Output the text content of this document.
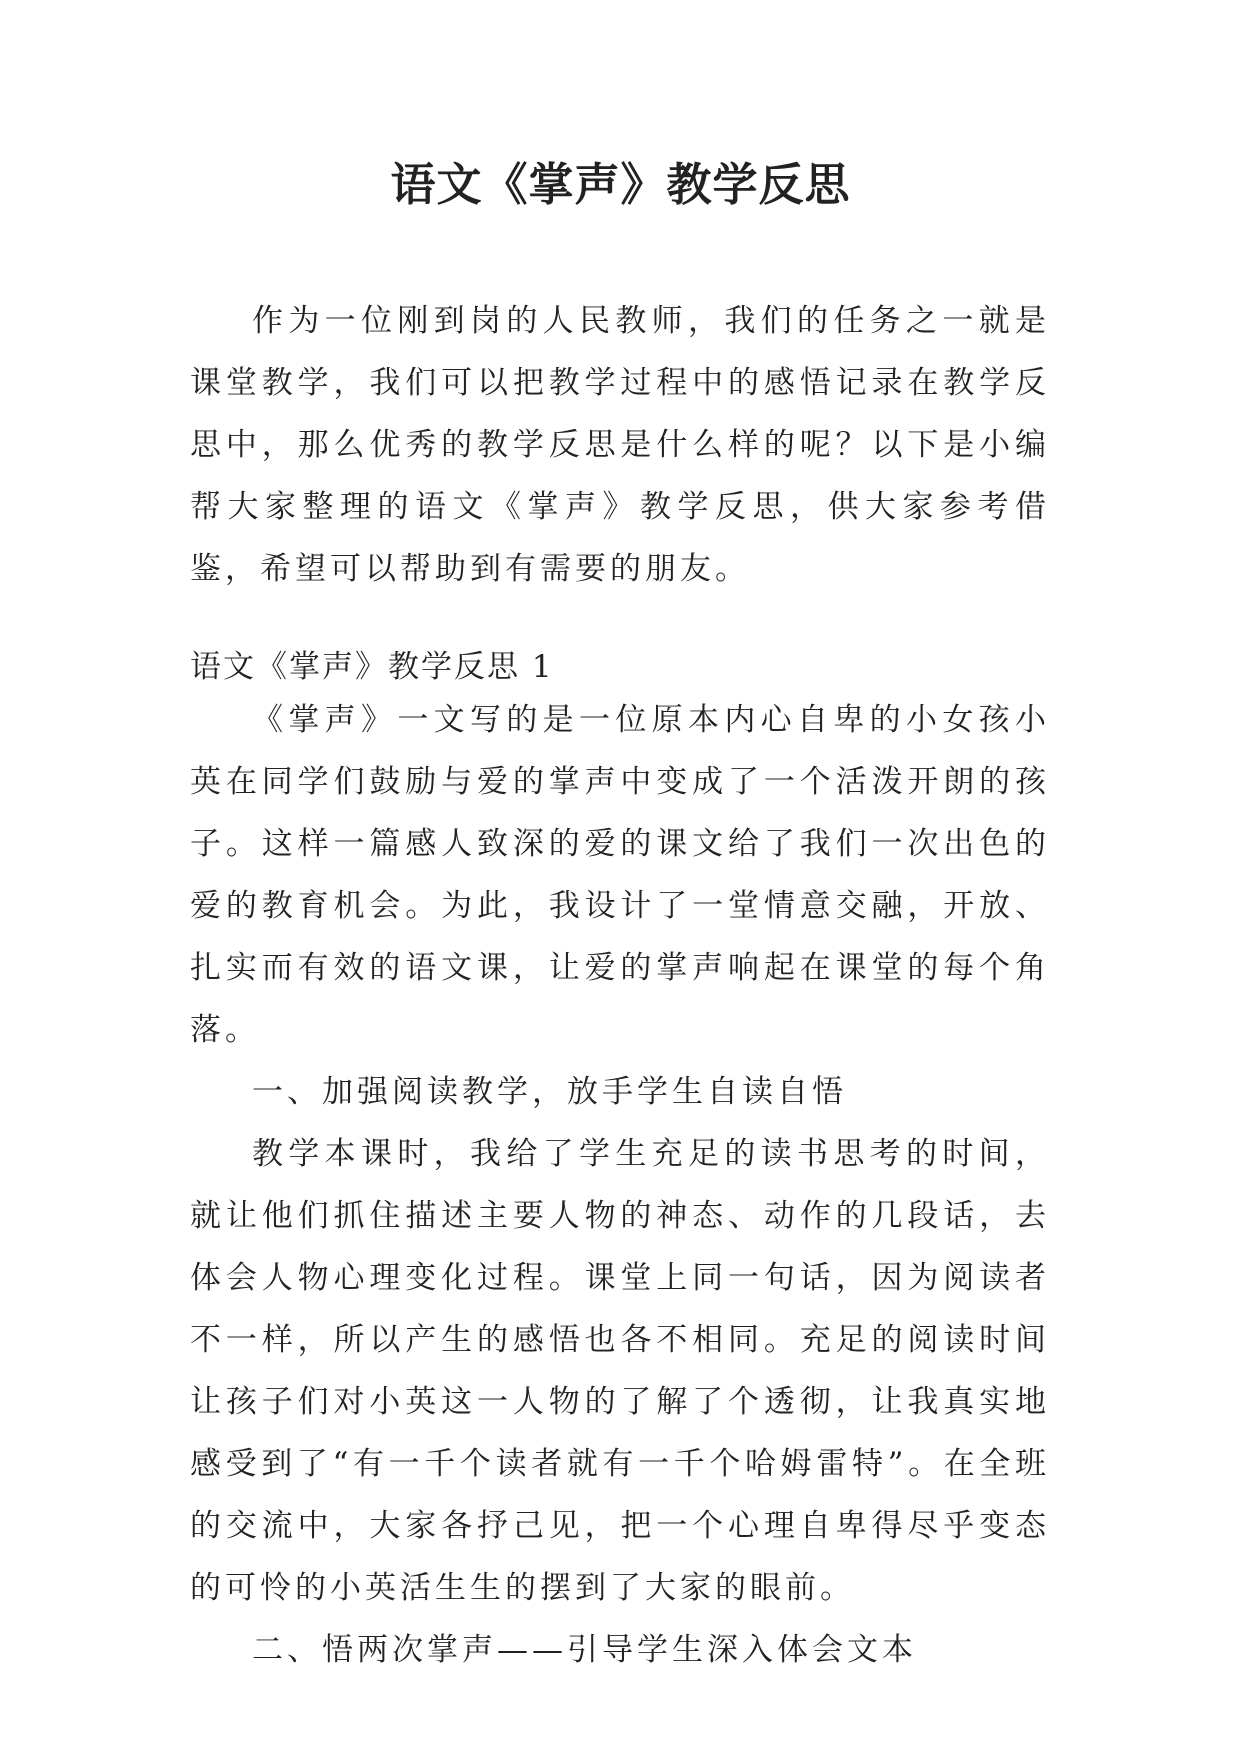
语文《掌声》教学反思

作为一位刚到岗的人民教师，我们的任务之一就是课堂教学，我们可以把教学过程中的感悟记录在教学反思中，那么优秀的教学反思是什么样的呢？以下是小编帮大家整理的语文《掌声》教学反思，供大家参考借鉴，希望可以帮助到有需要的朋友。

语文《掌声》教学反思 1

《掌声》一文写的是一位原本内心自卑的小女孩小英在同学们鼓励与爱的掌声中变成了一个活泼开朗的孩子。这样一篇感人致深的爱的课文给了我们一次出色的爱的教育机会。为此，我设计了一堂情意交融，开放、扎实而有效的语文课，让爱的掌声响起在课堂的每个角落。

一、加强阅读教学，放手学生自读自悟

教学本课时，我给了学生充足的读书思考的时间，就让他们抓住描述主要人物的神态、动作的几段话，去体会人物心理变化过程。课堂上同一句话，因为阅读者不一样，所以产生的感悟也各不相同。充足的阅读时间让孩子们对小英这一人物的了解了个透彻，让我真实地感受到了“有一千个读者就有一千个哈姆雷特”。在全班的交流中，大家各抒己见，把一个心理自卑得尽乎变态的可怜的小英活生生的摆到了大家的眼前。

二、悟两次掌声——引导学生深入体会文本
